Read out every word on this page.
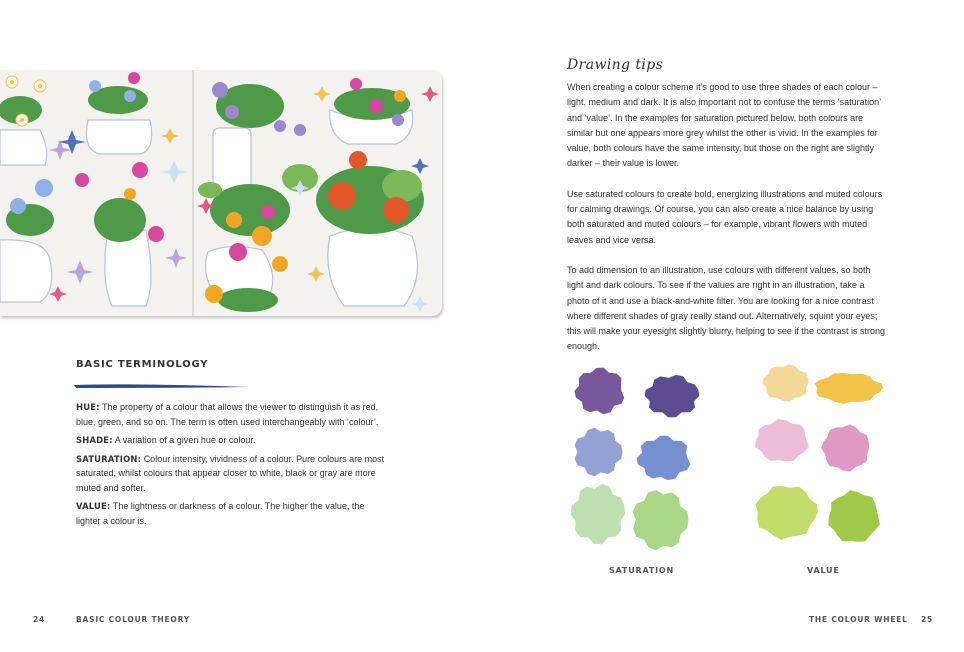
BASIC TERMINOLOGY

HUE: The property of a colour that allows the viewer to distinguish it as red, blue, green, and so on. The term is often used interchangeably with ‘colour’.

SHADE: A variation of a given hue or colour.

SATURATION: Colour intensity, vividness of a colour. Pure colours are most saturated, whilst colours that appear closer to white, black or gray are more muted and softer.

VALUE: The lightness or darkness of a colour. The higher the value, the lighter a colour is.

Drawing tips

When creating a colour scheme it’s good to use three shades of each colour – light, medium and dark. It is also important not to confuse the terms ‘saturation’ and ‘value’. In the examples for saturation pictured below, both colours are similar but one appears more grey whilst the other is vivid. In the examples for value, both colours have the same intensity, but those on the right are slightly darker – their value is lower.

Use saturated colours to create bold, energizing illustrations and muted colours for calming drawings. Of course, you can also create a nice balance by using both saturated and muted colours – for example, vibrant flowers with muted leaves and vice versa.

To add dimension to an illustration, use colours with different values, so both light and dark colours. To see if the values are right in an illustration, take a photo of it and use a black-and-white filter. You are looking for a nice contrast where different shades of gray really stand out. Alternatively, squint your eyes; this will make your eyesight slightly blurry, helping to see if the contrast is strong enough.

SATURATION	VALUE
24	BASIC COLOUR THEORY	THE COLOUR WHEEL 25
